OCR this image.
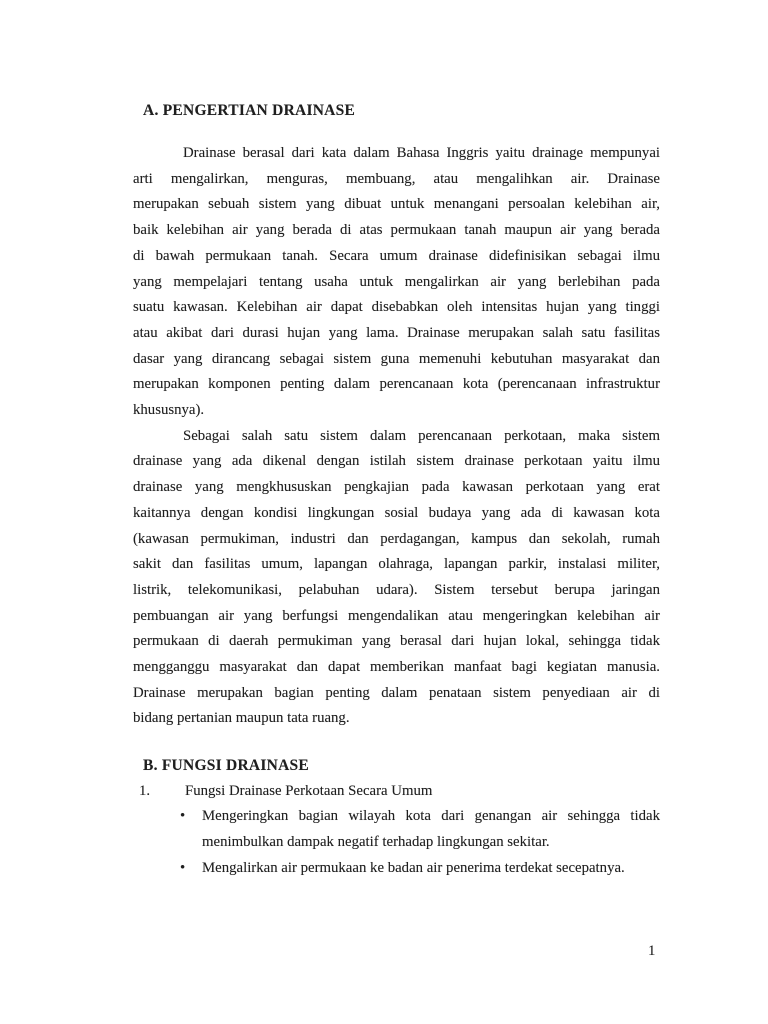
A. PENGERTIAN DRAINASE
Drainase berasal dari kata dalam Bahasa Inggris yaitu drainage mempunyai
arti mengalirkan, menguras, membuang, atau mengalihkan air. Drainase
merupakan sebuah sistem yang dibuat untuk menangani persoalan kelebihan air,
baik kelebihan air yang berada di atas permukaan tanah maupun air yang berada
di bawah permukaan tanah. Secara umum drainase didefinisikan sebagai ilmu
yang mempelajari tentang usaha untuk mengalirkan air yang berlebihan pada
suatu kawasan. Kelebihan air dapat disebabkan oleh intensitas hujan yang tinggi
atau akibat dari durasi hujan yang lama. Drainase merupakan salah satu fasilitas
dasar yang dirancang sebagai sistem guna memenuhi kebutuhan masyarakat dan
merupakan komponen penting dalam perencanaan kota (perencanaan infrastruktur
khususnya).
Sebagai salah satu sistem dalam perencanaan perkotaan, maka sistem
drainase yang ada dikenal dengan istilah sistem drainase perkotaan yaitu ilmu
drainase yang mengkhususkan pengkajian pada kawasan perkotaan yang erat
kaitannya dengan kondisi lingkungan sosial budaya yang ada di kawasan kota
(kawasan permukiman, industri dan perdagangan, kampus dan sekolah, rumah
sakit dan fasilitas umum, lapangan olahraga, lapangan parkir, instalasi militer,
listrik, telekomunikasi, pelabuhan udara). Sistem tersebut berupa jaringan
pembuangan air yang berfungsi mengendalikan atau mengeringkan kelebihan air
permukaan di daerah permukiman yang berasal dari hujan lokal, sehingga tidak
mengganggu masyarakat dan dapat memberikan manfaat bagi kegiatan manusia.
Drainase merupakan bagian penting dalam penataan sistem penyediaan air di
bidang pertanian maupun tata ruang.
B. FUNGSI DRAINASE
1.	Fungsi Drainase Perkotaan Secara Umum
•	Mengeringkan bagian wilayah kota dari genangan air sehingga tidak
menimbulkan dampak negatif terhadap lingkungan sekitar.
•	Mengalirkan air permukaan ke badan air penerima terdekat secepatnya.
1
